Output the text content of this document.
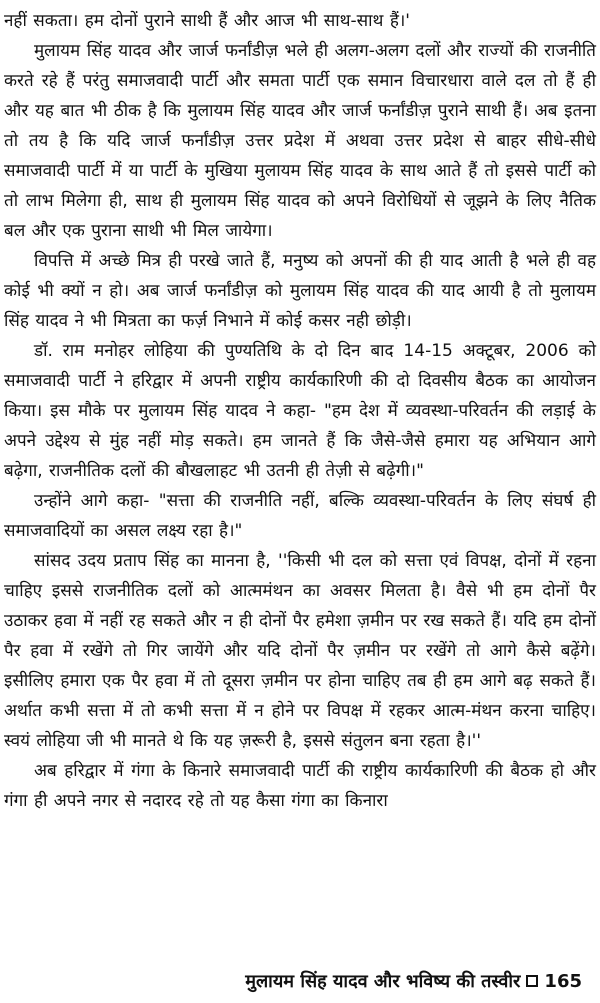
नहीं सकता। हम दोनों पुराने साथी हैं और आज भी साथ-साथ हैं।'

मुलायम सिंह यादव और जार्ज फर्नांडीज़ भले ही अलग-अलग दलों और राज्यों की राजनीति करते रहे हैं परंतु समाजवादी पार्टी और समता पार्टी एक समान विचारधारा वाले दल तो हैं ही और यह बात भी ठीक है कि मुलायम सिंह यादव और जार्ज फर्नांडीज़ पुराने साथी हैं। अब इतना तो तय है कि यदि जार्ज फर्नांडीज़ उत्तर प्रदेश में अथवा उत्तर प्रदेश से बाहर सीधे-सीधे समाजवादी पार्टी में या पार्टी के मुखिया मुलायम सिंह यादव के साथ आते हैं तो इससे पार्टी को तो लाभ मिलेगा ही, साथ ही मुलायम सिंह यादव को अपने विरोधियों से जूझने के लिए नैतिक बल और एक पुराना साथी भी मिल जायेगा।

विपत्ति में अच्छे मित्र ही परखे जाते हैं, मनुष्य को अपनों की ही याद आती है भले ही वह कोई भी क्यों न हो। अब जार्ज फर्नांडीज़ को मुलायम सिंह यादव की याद आयी है तो मुलायम सिंह यादव ने भी मित्रता का फर्ज़ निभाने में कोई कसर नही छोड़ी।

डॉ. राम मनोहर लोहिया की पुण्यतिथि के दो दिन बाद 14-15 अक्टूबर, 2006 को समाजवादी पार्टी ने हरिद्वार में अपनी राष्ट्रीय कार्यकारिणी की दो दिवसीय बैठक का आयोजन किया। इस मौके पर मुलायम सिंह यादव ने कहा- "हम देश में व्यवस्था-परिवर्तन की लड़ाई के अपने उद्देश्य से मुंह नहीं मोड़ सकते। हम जानते हैं कि जैसे-जैसे हमारा यह अभियान आगे बढ़ेगा, राजनीतिक दलों की बौखलाहट भी उतनी ही तेज़ी से बढ़ेगी।"

उन्होंने आगे कहा- "सत्ता की राजनीति नहीं, बल्कि व्यवस्था-परिवर्तन के लिए संघर्ष ही समाजवादियों का असल लक्ष्य रहा है।"

सांसद उदय प्रताप सिंह का मानना है, ''किसी भी दल को सत्ता एवं विपक्ष, दोनों में रहना चाहिए इससे राजनीतिक दलों को आत्ममंथन का अवसर मिलता है। वैसे भी हम दोनों पैर उठाकर हवा में नहीं रह सकते और न ही दोनों पैर हमेशा ज़मीन पर रख सकते हैं। यदि हम दोनों पैर हवा में रखेंगे तो गिर जायेंगे और यदि दोनों पैर ज़मीन पर रखेंगे तो आगे कैसे बढ़ेंगे। इसीलिए हमारा एक पैर हवा में तो दूसरा ज़मीन पर होना चाहिए तब ही हम आगे बढ़ सकते हैं। अर्थात कभी सत्ता में तो कभी सत्ता में न होने पर विपक्ष में रहकर आत्म-मंथन करना चाहिए। स्वयं लोहिया जी भी मानते थे कि यह ज़रूरी है, इससे संतुलन बना रहता है।''

अब हरिद्वार में गंगा के किनारे समाजवादी पार्टी की राष्ट्रीय कार्यकारिणी की बैठक हो और गंगा ही अपने नगर से नदारद रहे तो यह कैसा गंगा का किनारा

मुलायम सिंह यादव और भविष्य की तस्वीर 165
